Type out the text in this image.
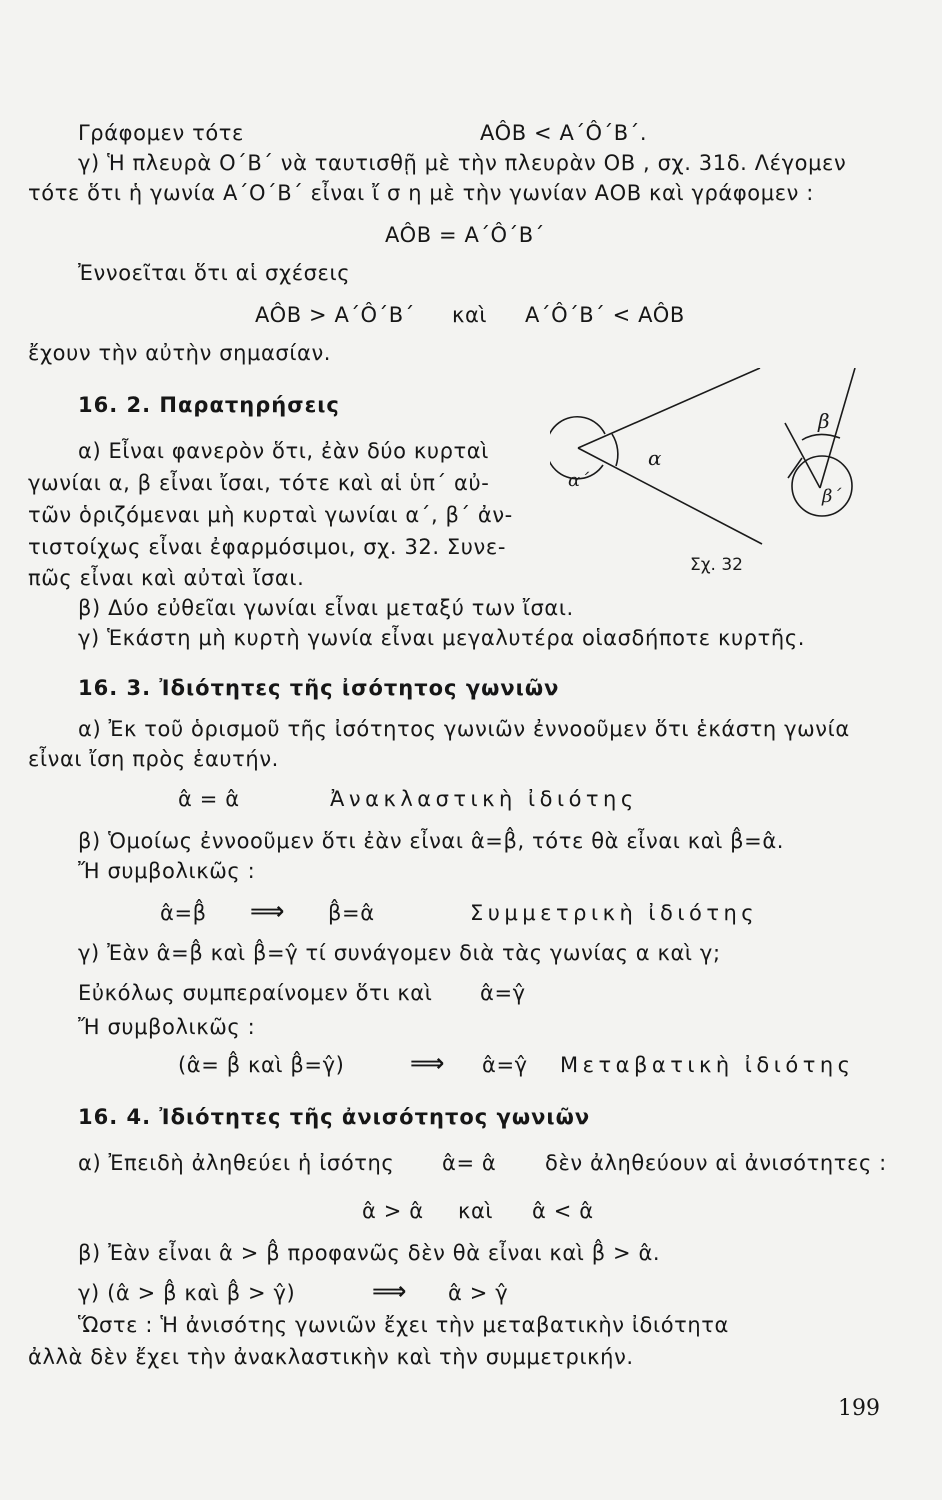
Γράφομεν τότε	AÔB < A΄Ô΄B΄.
γ) Ἡ πλευρὰ Ο΄Β΄ νὰ ταυτισθῇ μὲ τὴν πλευρὰν ΟΒ , σχ. 31δ. Λέγομεν
τότε ὅτι ἡ γωνία Α΄Ο΄Β΄ εἶναι ἴ σ η μὲ τὴν γωνίαν ΑΟΒ καὶ γράφομεν :
AÔB = A΄Ô΄B΄
Ἐννοεῖται ὅτι αἱ σχέσεις
AÔB > A΄Ô΄B΄ καὶ A΄Ô΄B΄ < AÔB
ἔχουν τὴν αὐτὴν σημασίαν.
16. 2. Παρατηρήσεις
α) Εἶναι φανερὸν ὅτι, ἐὰν δύο κυρταὶ
γωνίαι α, β εἶναι ἴσαι, τότε καὶ αἱ ὑπ΄ αὐ-
τῶν ὁριζόμεναι μὴ κυρταὶ γωνίαι α΄, β΄ ἀν-
τιστοίχως εἶναι ἐφαρμόσιμοι, σχ. 32. Συνε-
πῶς εἶναι καὶ αὐταὶ ἴσαι.
β) Δύο εὐθεῖαι γωνίαι εἶναι μεταξύ των ἴσαι.
γ) Ἑκάστη μὴ κυρτὴ γωνία εἶναι μεγαλυτέρα οἱασδήποτε κυρτῆς.
α
α΄
β
β΄
Σχ. 32
16. 3. Ἰδιότητες τῆς ἰσότητος γωνιῶν
α) Ἐκ τοῦ ὁρισμοῦ τῆς ἰσότητος γωνιῶν ἐννοοῦμεν ὅτι ἑκάστη γωνία
εἶναι ἴση πρὸς ἑαυτήν.
α̂ = α̂	Ἀνακλαστικὴ ἰδιότης
β) Ὁμοίως ἐννοοῦμεν ὅτι ἐὰν εἶναι α̂=β̂, τότε θὰ εἶναι καὶ β̂=α̂.
Ἤ συμβολικῶς :
α̂=β̂ ⟹ β̂=α̂	Συμμετρικὴ ἰδιότης
γ) Ἐὰν α̂=β̂ καὶ β̂=γ̂ τί συνάγομεν διὰ τὰς γωνίας α καὶ γ;
Εὐκόλως συμπεραίνομεν ὅτι καὶ α̂=γ̂
Ἤ συμβολικῶς :
(α̂= β̂ καὶ β̂=γ̂)	⟹ α̂=γ̂ Μεταβατικὴ ἰδιότης
16. 4. Ἰδιότητες τῆς ἀνισότητος γωνιῶν
α) Ἐπειδὴ ἀληθεύει ἡ ἰσότης α̂= α̂ δὲν ἀληθεύουν αἱ ἀνισότητες :
α̂ > α̂ καὶ α̂ < α̂
β) Ἐὰν εἶναι α̂ > β̂ προφανῶς δὲν θὰ εἶναι καὶ β̂ > α̂.
γ) (α̂ > β̂ καὶ β̂ > γ̂)	⟹ α̂ > γ̂
Ὥστε : Ἡ ἀνισότης γωνιῶν ἔχει τὴν μεταβατικὴν ἰδιότητα
ἀλλὰ δὲν ἔχει τὴν ἀνακλαστικὴν καὶ τὴν συμμετρικήν.
199
